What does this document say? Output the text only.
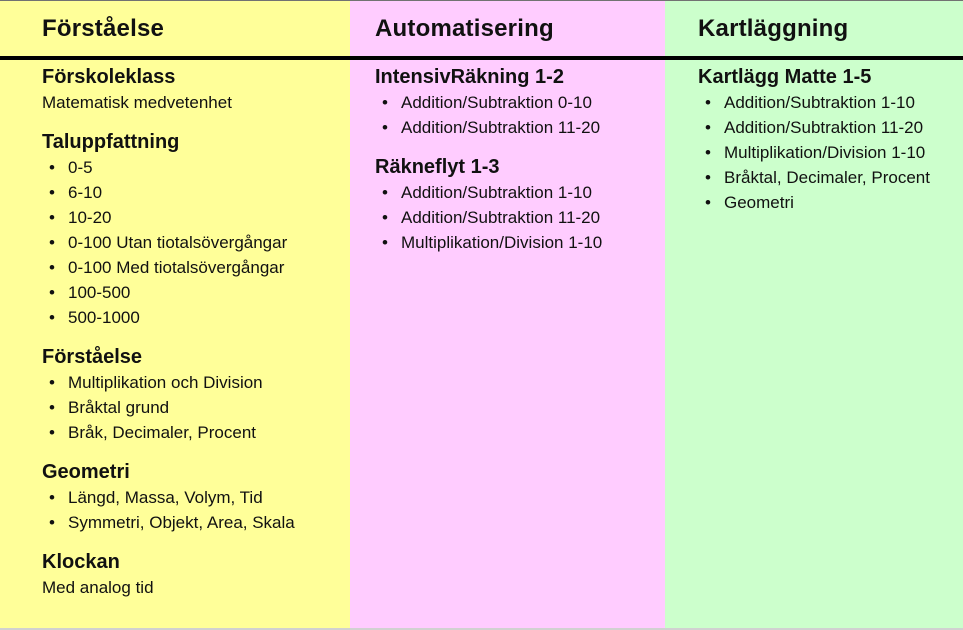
Förståelse
Förskoleklass
Matematisk medvetenhet
Taluppfattning
• 0-5
• 6-10
• 10-20
• 0-100 Utan tiotalsövergångar
• 0-100 Med tiotalsövergångar
• 100-500
• 500-1000
Förståelse
• Multiplikation och Division
• Bråktal grund
• Bråk, Decimaler, Procent
Geometri
• Längd, Massa, Volym, Tid
• Symmetri, Objekt, Area, Skala
Klockan
Med analog tid
Automatisering
IntensivRäkning 1-2
• Addition/Subtraktion 0-10
• Addition/Subtraktion 11-20
Räkneflyt 1-3
• Addition/Subtraktion 1-10
• Addition/Subtraktion 11-20
• Multiplikation/Division 1-10
Kartläggning
Kartlägg Matte 1-5
• Addition/Subtraktion 1-10
• Addition/Subtraktion 11-20
• Multiplikation/Division 1-10
• Bråktal, Decimaler, Procent
• Geometri
